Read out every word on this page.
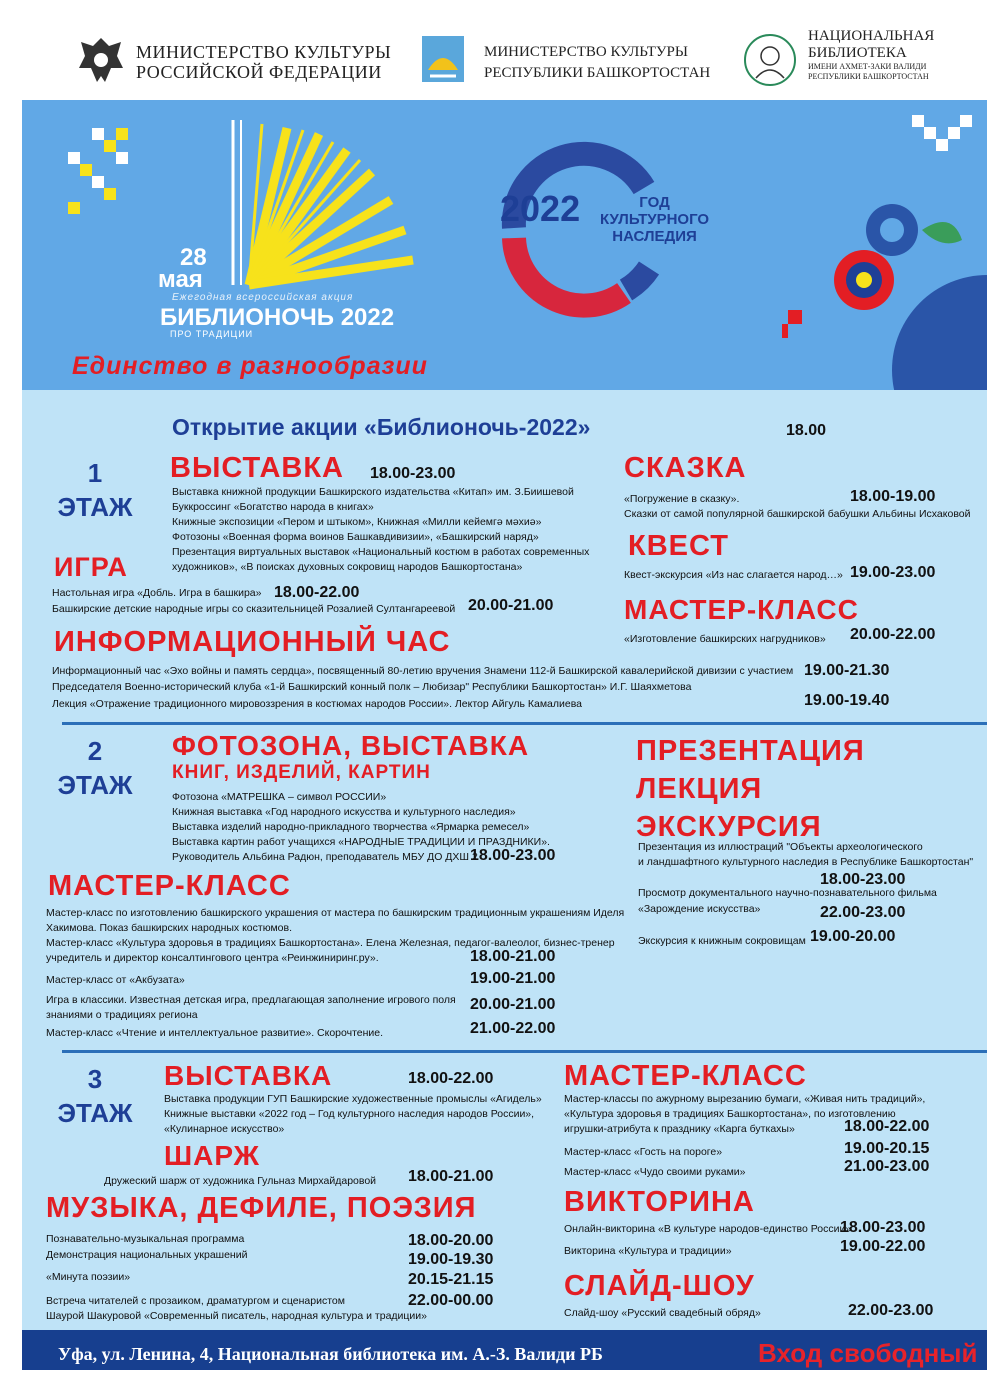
МИНИСТЕРСТВО КУЛЬТУРЫ
РОССИЙСКОЙ ФЕДЕРАЦИИ
МИНИСТЕРСТВО КУЛЬТУРЫ
РЕСПУБЛИКИ БАШКОРТОСТАН
НАЦИОНАЛЬНАЯ
БИБЛИОТЕКА
ИМЕНИ АХМЕТ-ЗАКИ ВАЛИДИ
РЕСПУБЛИКИ БАШКОРТОСТАН
28
мая
Ежегодная всероссийская акция
БИБЛИОНОЧЬ 2022
ПРО ТРАДИЦИИ
Единство в разнообразии
2022	ГОД
КУЛЬТУРНОГО
НАСЛЕДИЯ
Открытие акции «Библионочь-2022»	18.00
1
ЭТАЖ
ВЫСТАВКА 18.00-23.00
Выставка книжной продукции Башкирского издательства «Китап» им. З.Биишевой
Буккроссинг «Богатство народа в книгах»
Книжные экспозиции «Пером и штыком», Книжная «Милли кейемгә мәхиә»
Фотозоны «Военная форма воинов Башкавдивизии», «Башкирский наряд»
Презентация виртуальных выставок «Национальный костюм в работах современных
художников», «В поисках духовных сокровищ народов Башкортостана»
ИГРА
Настольная игра «Добль. Игра в башкира» 18.00-22.00
Башкирские детские народные игры со сказительницей Розалией Султангареевой 20.00-21.00
ИНФОРМАЦИОННЫЙ ЧАС
Информационный час «Эхо войны и память сердца», посвященный 80-летию вручения Знамени 112-й Башкирской кавалерийской дивизии с участием 19.00-21.30
Председателя Военно-исторический клуба «1-й Башкирский конный полк – Любизар" Республики Башкортостан» И.Г. Шаяхметова
Лекция «Отражение традиционного мировоззрения в костюмах народов России». Лектор Айгуль Камалиева	19.00-19.40
СКАЗКА
«Погружение в сказку».	18.00-19.00
Сказки от самой популярной башкирской бабушки Альбины Исхаковой
КВЕСТ
Квест-экскурсия «Из нас слагается народ…» 19.00-23.00
МАСТЕР-КЛАСС
«Изготовление башкирских нагрудников» 20.00-22.00
2
ЭТАЖ
ФОТОЗОНА, ВЫСТАВКА
КНИГ, ИЗДЕЛИЙ, КАРТИН
Фотозона «МАТРЕШКА – символ РОССИИ»
Книжная выставка «Год народного искусства и культурного наследия»
Выставка изделий народно-прикладного творчества «Ярмарка ремесел»
Выставка картин работ учащихся «НАРОДНЫЕ ТРАДИЦИИ И ПРАЗДНИКИ».
Руководитель Альбина Радюн, преподаватель МБУ ДО ДХШ 2
18.00-23.00
МАСТЕР-КЛАСС
Мастер-класс по изготовлению башкирского украшения от мастера по башкирским традиционным украшениям Иделя
Хакимова. Показ башкирских народных костюмов.
Мастер-класс «Культура здоровья в традициях Башкортостана». Елена Железная, педагог-валеолог, бизнес-тренер
учредитель и директор консалтингового центра «Реинжиниринг.ру».	18.00-21.00
Мастер-класс от «Акбузата»	19.00-21.00
Игра в классики. Известная детская игра, предлагающая заполнение игрового поля
знаниями о традициях региона
20.00-21.00
Мастер-класс «Чтение и интеллектуальное развитие». Скорочтение.	21.00-22.00
ПРЕЗЕНТАЦИЯ
ЛЕКЦИЯ
ЭКСКУРСИЯ
Презентация из иллюстраций "Объекты археологического
и ландшафтного культурного наследия в Республике Башкортостан"
18.00-23.00
Просмотр документального научно-познавательного фильма
«Зарождение искусства»	22.00-23.00
Экскурсия к книжным сокровищам 19.00-20.00
3
ЭТАЖ
ВЫСТАВКА	18.00-22.00
Выставка продукции ГУП Башкирские художественные промыслы «Агидель»
Книжные выставки «2022 год – Год культурного наследия народов России»,
«Кулинарное искусство»
ШАРЖ
Дружеский шарж от художника Гульназ Мирхайдаровой 18.00-21.00
МУЗЫКА, ДЕФИЛЕ, ПОЭЗИЯ
Познавательно-музыкальная программа	18.00-20.00
Демонстрация национальных украшений	19.00-19.30
«Минута поэзии»	20.15-21.15
Встреча читателей с прозаиком, драматургом и сценаристом
Шаурой Шакуровой «Современный писатель, народная культура и традиции»
22.00-00.00
МАСТЕР-КЛАСС
Мастер-классы по ажурному вырезанию бумаги, «Живая нить традиций»,
«Культура здоровья в традициях Башкортостана», по изготовлению
игрушки-атрибута к празднику «Карга буткахы»	18.00-22.00
Мастер-класс «Гость на пороге»	19.00-20.15
Мастер-класс «Чудо своими руками»	21.00-23.00
ВИКТОРИНА
Онлайн-викторина «В культуре народов-единство России»
18.00-23.00
Викторина «Культура и традиции»	19.00-22.00
СЛАЙД-ШОУ
Слайд-шоу «Русский свадебный обряд»	22.00-23.00
Уфа, ул. Ленина, 4, Национальная библиотека им. А.-З. Валиди РБ	Вход свободный
